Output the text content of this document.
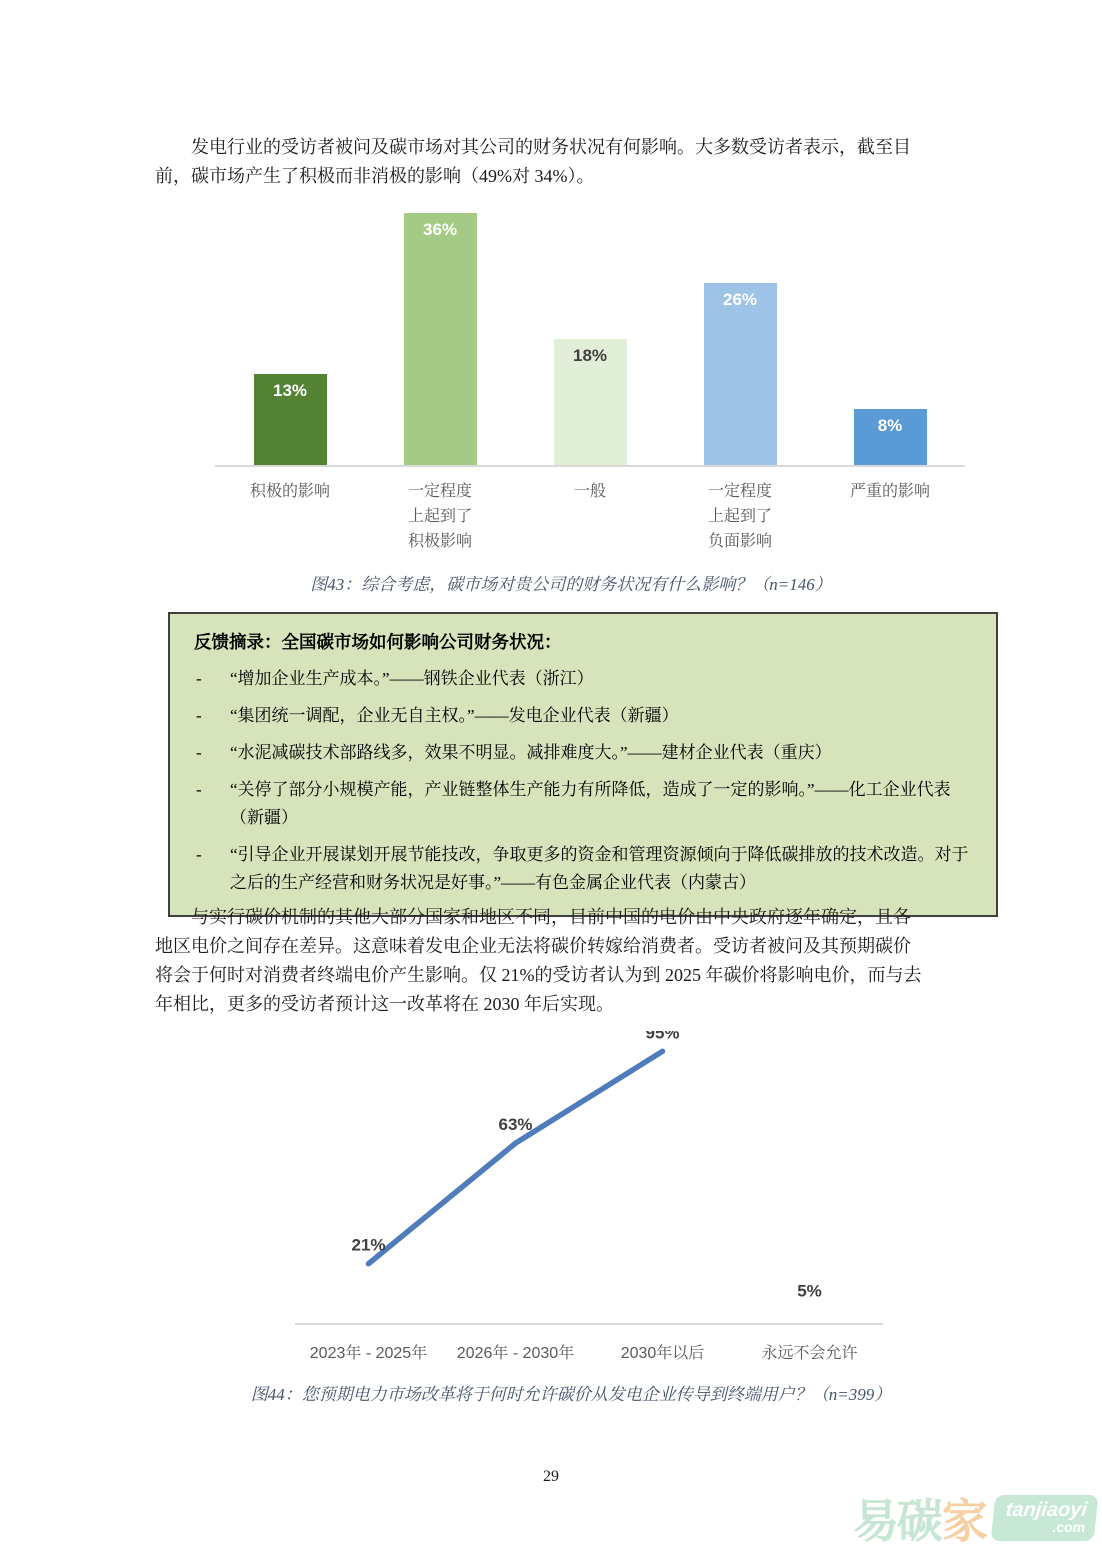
发电行业的受访者被问及碳市场对其公司的财务状况有何影响。大多数受访者表示，截至目
前，碳市场产生了积极而非消极的影响（49%对 34%）。
13%
36%
18%
26%
8%
积极的影响	一定程度
上起到了
积极影响
一般	一定程度
上起到了
负面影响
严重的影响
图43：综合考虑，碳市场对贵公司的财务状况有什么影响？（n=146）
反馈摘录：全国碳市场如何影响公司财务状况：
-	“增加企业生产成本。”——钢铁企业代表（浙江）
-	“集团统一调配，企业无自主权。”——发电企业代表（新疆）
-	“水泥减碳技术部路线多，效果不明显。减排难度大。”——建材企业代表（重庆）
-	“关停了部分小规模产能，产业链整体生产能力有所降低，造成了一定的影响。”——化工企业代表（新疆）
-	“引导企业开展谋划开展节能技改，争取更多的资金和管理资源倾向于降低碳排放的技术改造。对于之后的生产经营和财务状况是好事。”——有色金属企业代表（内蒙古）
与实行碳价机制的其他大部分国家和地区不同，目前中国的电价由中央政府逐年确定，且各
地区电价之间存在差异。这意味着发电企业无法将碳价转嫁给消费者。受访者被问及其预期碳价
将会于何时对消费者终端电价产生影响。仅 21%的受访者认为到 2025 年碳价将影响电价，而与去
年相比，更多的受访者预计这一改革将在 2030 年后实现。
21%
63%
95%
5%
2023年 - 2025年	2026年 - 2030年	2030年以后	永远不会允许
图44：您预期电力市场改革将于何时允许碳价从发电企业传导到终端用户？（n=399）
29
易碳 家 tanjiaoyi
.com
